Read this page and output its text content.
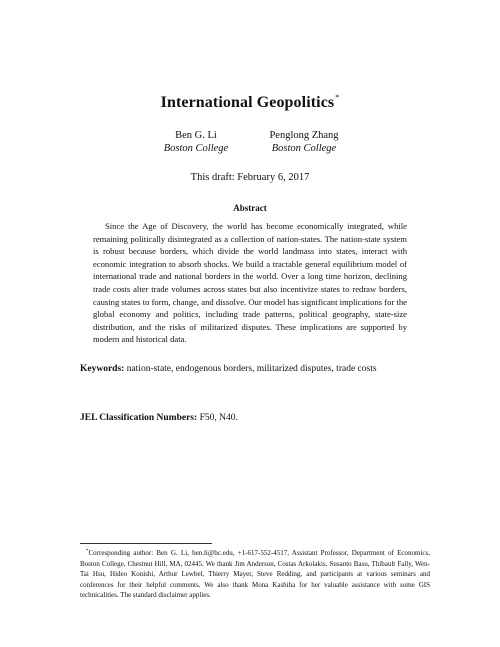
International Geopolitics*
Ben G. Li
Boston College
Penglong Zhang
Boston College
This draft: February 6, 2017
Abstract
Since the Age of Discovery, the world has become economically integrated, while remaining politically disintegrated as a collection of nation-states. The nation-state system is robust because borders, which divide the world landmass into states, interact with economic integration to absorb shocks. We build a tractable general equilibrium model of international trade and national borders in the world. Over a long time horizon, declining trade costs alter trade volumes across states but also incentivize states to redraw borders, causing states to form, change, and dissolve. Our model has significant implications for the global economy and politics, including trade patterns, political geography, state-size distribution, and the risks of militarized disputes. These implications are supported by modern and historical data.
Keywords: nation-state, endogenous borders, militarized disputes, trade costs
JEL Classification Numbers: F50, N40.
*Corresponding author: Ben G. Li, ben.li@bc.edu, +1-617-552-4517, Assistant Professor, Department of Economics, Boston College, Chestnut Hill, MA, 02445. We thank Jim Anderson, Costas Arkolakis, Susanto Basu, Thibault Fally, Wen-Tai Hsu, Hideo Konishi, Arthur Lewbel, Thierry Mayer, Steve Redding, and participants at various seminars and conferences for their helpful comments. We also thank Mona Kashiha for her valuable assistance with some GIS technicalities. The standard disclaimer applies.
